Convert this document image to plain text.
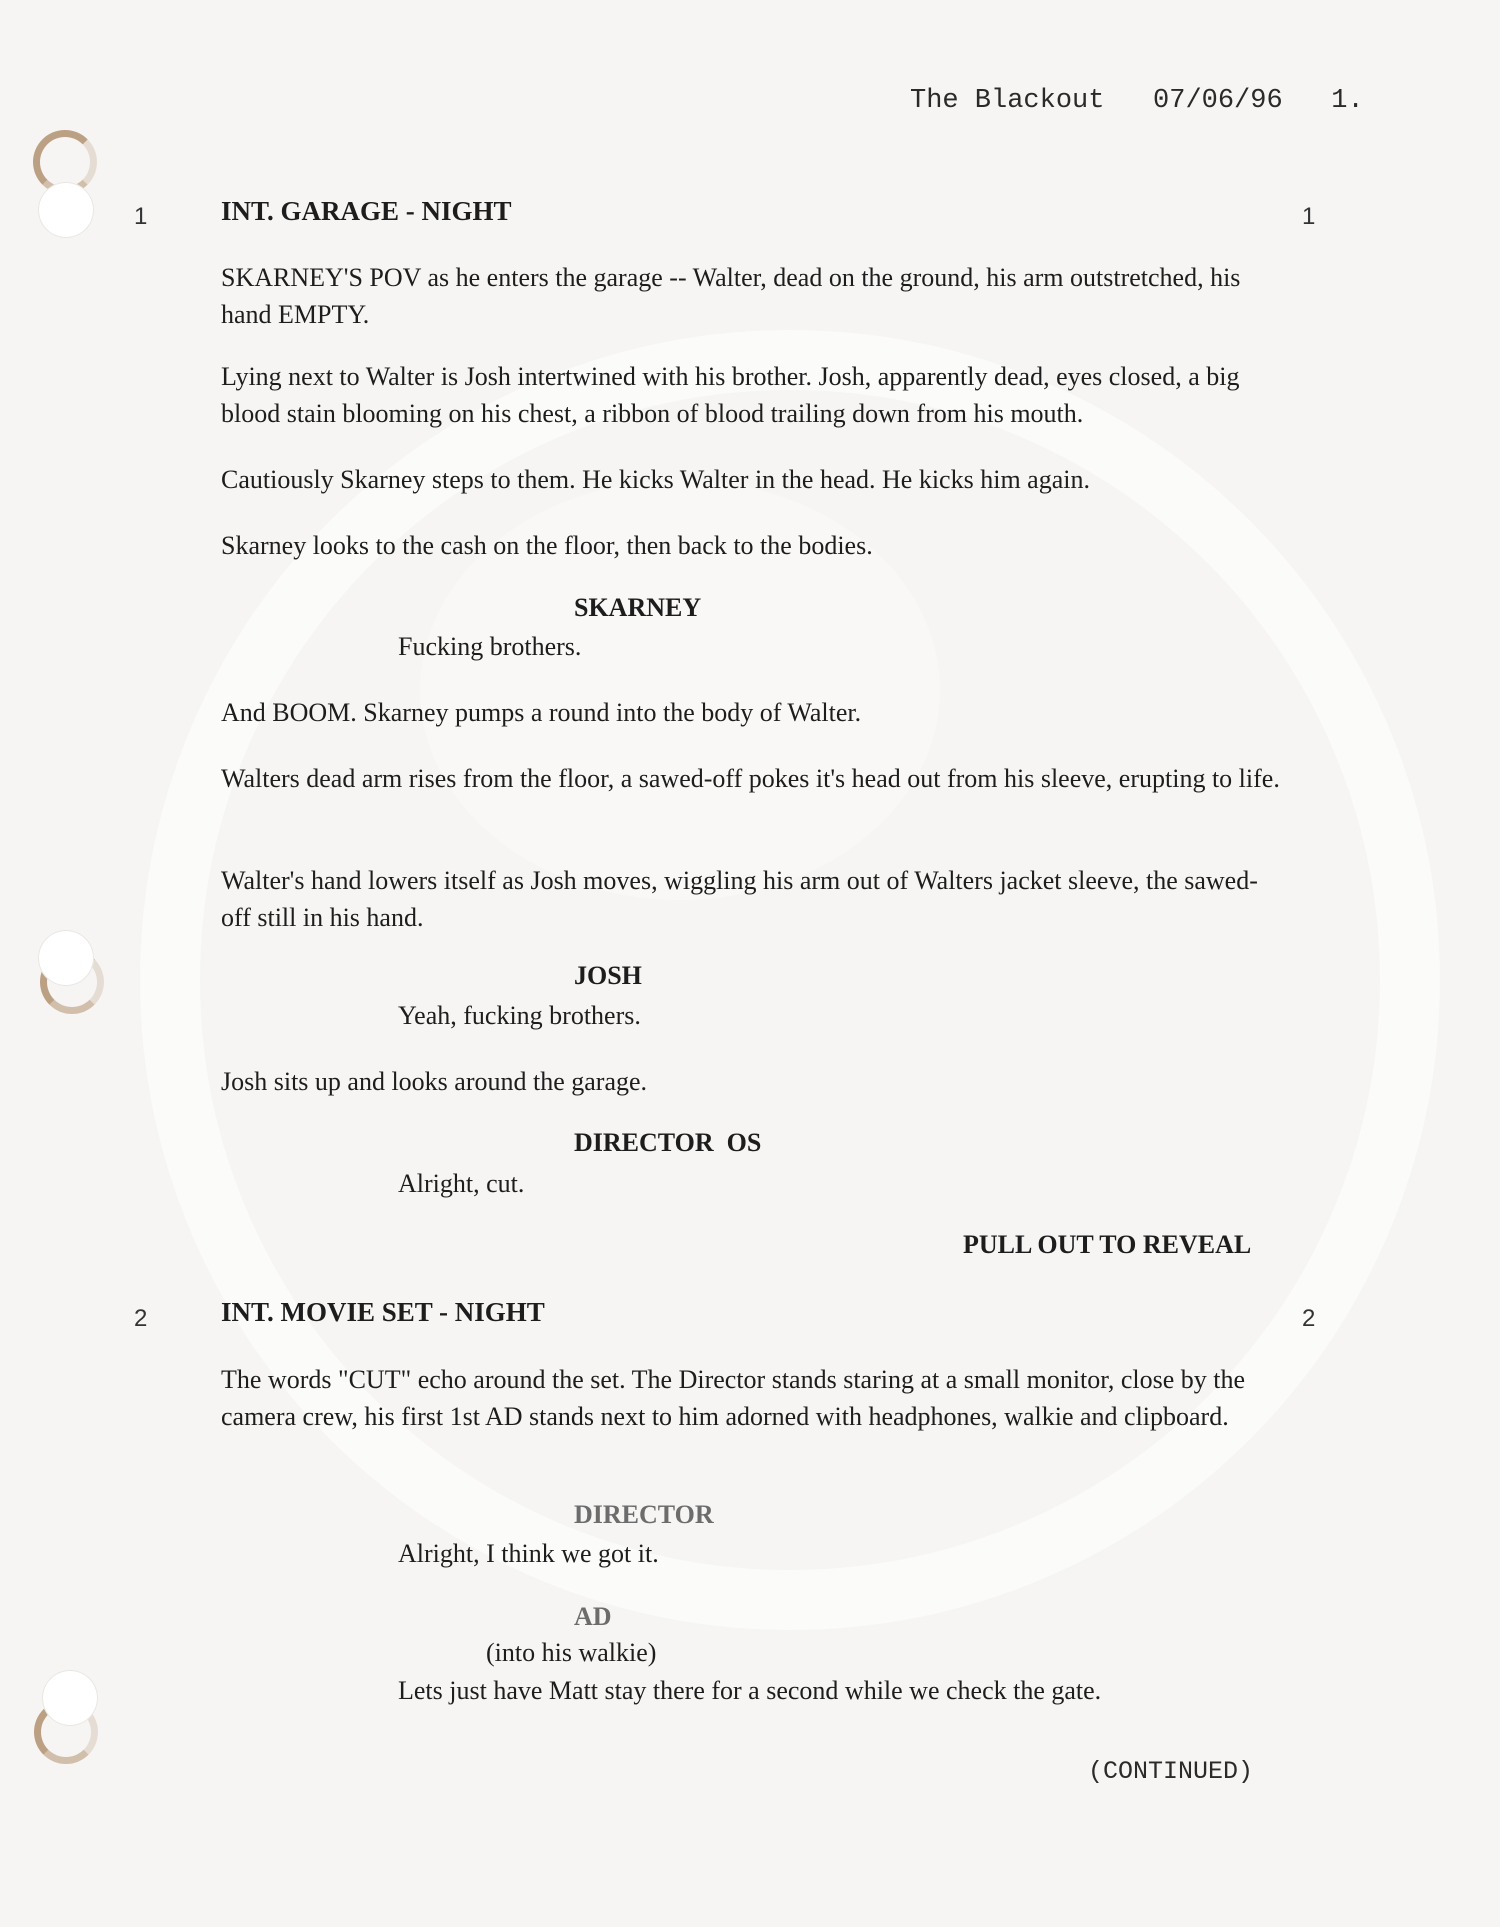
The Blackout 07/06/96 1.
1	1
INT. GARAGE - NIGHT

SKARNEY'S POV as he enters the garage -- Walter, dead on the ground, his arm outstretched, his hand EMPTY.

Lying next to Walter is Josh intertwined with his brother. Josh, apparently dead, eyes closed, a big blood stain blooming on his chest, a ribbon of blood trailing down from his mouth.

Cautiously Skarney steps to them. He kicks Walter in the head. He kicks him again.

Skarney looks to the cash on the floor, then back to the bodies.

SKARNEY
Fucking brothers.

And BOOM. Skarney pumps a round into the body of Walter.

Walters dead arm rises from the floor, a sawed-off pokes it's head out from his sleeve, erupting to life.

Walter's hand lowers itself as Josh moves, wiggling his arm out of Walters jacket sleeve, the sawed-off still in his hand.

JOSH
Yeah, fucking brothers.

Josh sits up and looks around the garage.

DIRECTOR  OS
Alright, cut.
PULL OUT TO REVEAL
2	2
INT. MOVIE SET - NIGHT

The words "CUT" echo around the set. The Director stands staring at a small monitor, close by the camera crew, his first 1st AD stands next to him adorned with headphones, walkie and clipboard.

DIRECTOR
Alright, I think we got it.
AD
(into his walkie)
Lets just have Matt stay there for a second while we check the gate.
(CONTINUED)
